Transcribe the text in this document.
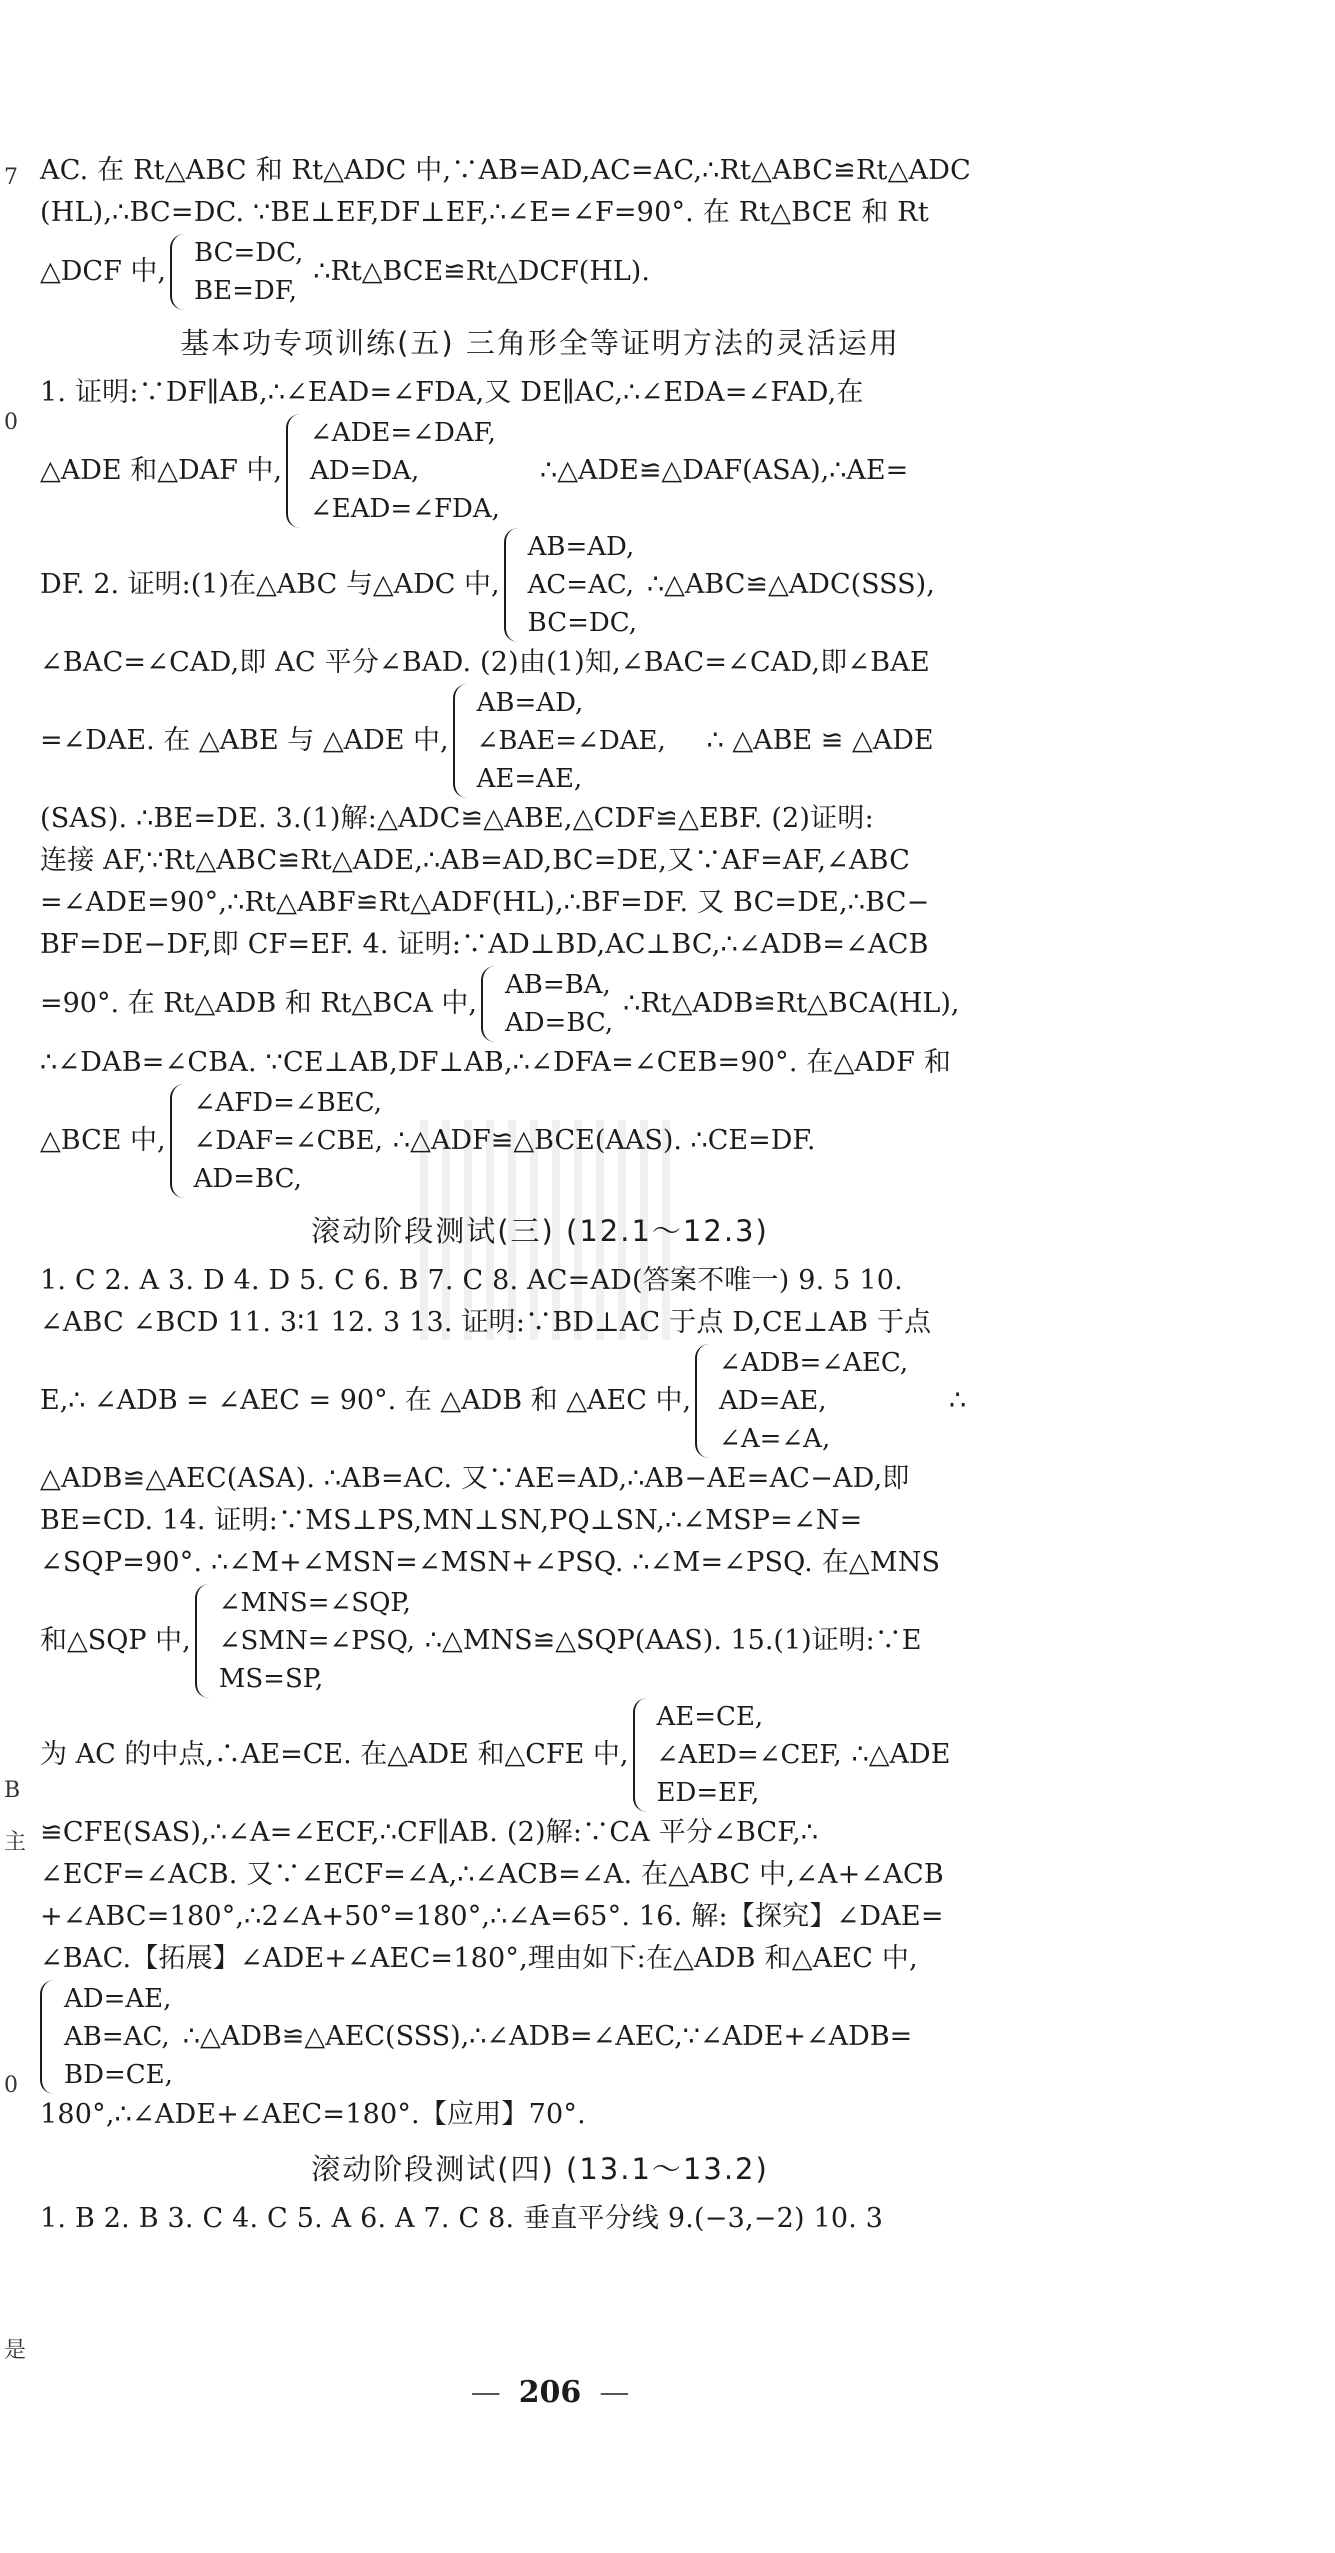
7
0
B
主
0
是

AC. 在 Rt△ABC 和 Rt△ADC 中,∵AB=AD,AC=AC,∴Rt△ABC≌Rt△ADC

(HL),∴BC=DC. ∵BE⊥EF,DF⊥EF,∴∠E=∠F=90°. 在 Rt△BCE 和 Rt

△DCF 中,
BC=DC,
BE=DF,
∴Rt△BCE≌Rt△DCF(HL).
基本功专项训练(五) 三角形全等证明方法的灵活运用

1. 证明:∵DF∥AB,∴∠EAD=∠FDA,又 DE∥AC,∴∠EDA=∠FAD,在

△ADE 和△DAF 中,
∠ADE=∠DAF,
AD=DA,
∠EAD=∠FDA,
∴△ADE≌△DAF(ASA),∴AE=
DF. 2. 证明:(1)在△ABC 与△ADC 中,
AB=AD,
AC=AC,
BC=DC,
∴△ABC≌△ADC(SSS),

∠BAC=∠CAD,即 AC 平分∠BAD. (2)由(1)知,∠BAC=∠CAD,即∠BAE

=∠DAE. 在 △ABE 与 △ADE 中,
AB=AD,
∠BAE=∠DAE,
AE=AE,
∴ △ABE ≌ △ADE

(SAS). ∴BE=DE. 3.(1)解:△ADC≌△ABE,△CDF≌△EBF. (2)证明:

连接 AF,∵Rt△ABC≌Rt△ADE,∴AB=AD,BC=DE,又∵AF=AF,∠ABC

=∠ADE=90°,∴Rt△ABF≌Rt△ADF(HL),∴BF=DF. 又 BC=DE,∴BC−

BF=DE−DF,即 CF=EF. 4. 证明:∵AD⊥BD,AC⊥BC,∴∠ADB=∠ACB

=90°. 在 Rt△ADB 和 Rt△BCA 中,
AB=BA,
AD=BC,
∴Rt△ADB≌Rt△BCA(HL),

∴∠DAB=∠CBA. ∵CE⊥AB,DF⊥AB,∴∠DFA=∠CEB=90°. 在△ADF 和

△BCE 中,
∠AFD=∠BEC,
∠DAF=∠CBE,
AD=BC,
∴△ADF≌△BCE(AAS). ∴CE=DF.
滚动阶段测试(三) (12.1～12.3)

1. C 2. A 3. D 4. D 5. C 6. B 7. C 8. AC=AD(答案不唯一) 9. 5 10.

∠ABC ∠BCD 11. 3∶1 12. 3 13. 证明:∵BD⊥AC 于点 D,CE⊥AB 于点

E,∴ ∠ADB = ∠AEC = 90°. 在 △ADB 和 △AEC 中,
∠ADB=∠AEC,
AD=AE,
∠A=∠A,
∴

△ADB≌△AEC(ASA). ∴AB=AC. 又∵AE=AD,∴AB−AE=AC−AD,即

BE=CD. 14. 证明:∵MS⊥PS,MN⊥SN,PQ⊥SN,∴∠MSP=∠N=

∠SQP=90°. ∴∠M+∠MSN=∠MSN+∠PSQ. ∴∠M=∠PSQ. 在△MNS

和△SQP 中,
∠MNS=∠SQP,
∠SMN=∠PSQ,
MS=SP,
∴△MNS≌△SQP(AAS). 15.(1)证明:∵E
为 AC 的中点,∴AE=CE. 在△ADE 和△CFE 中,
AE=CE,
∠AED=∠CEF,
ED=EF,
∴△ADE

≌CFE(SAS),∴∠A=∠ECF,∴CF∥AB. (2)解:∵CA 平分∠BCF,∴

∠ECF=∠ACB. 又∵∠ECF=∠A,∴∠ACB=∠A. 在△ABC 中,∠A+∠ACB

+∠ABC=180°,∴2∠A+50°=180°,∴∠A=65°. 16. 解:【探究】∠DAE=

∠BAC.【拓展】∠ADE+∠AEC=180°,理由如下:在△ADB 和△AEC 中,

AD=AE,
AB=AC,
BD=CE,
∴△ADB≌△AEC(SSS),∴∠ADB=∠AEC,∵∠ADE+∠ADB=

180°,∴∠ADE+∠AEC=180°.【应用】70°.

滚动阶段测试(四) (13.1～13.2)

1. B 2. B 3. C 4. C 5. A 6. A 7. C 8. 垂直平分线 9.(−3,−2) 10. 3

— 206 —
